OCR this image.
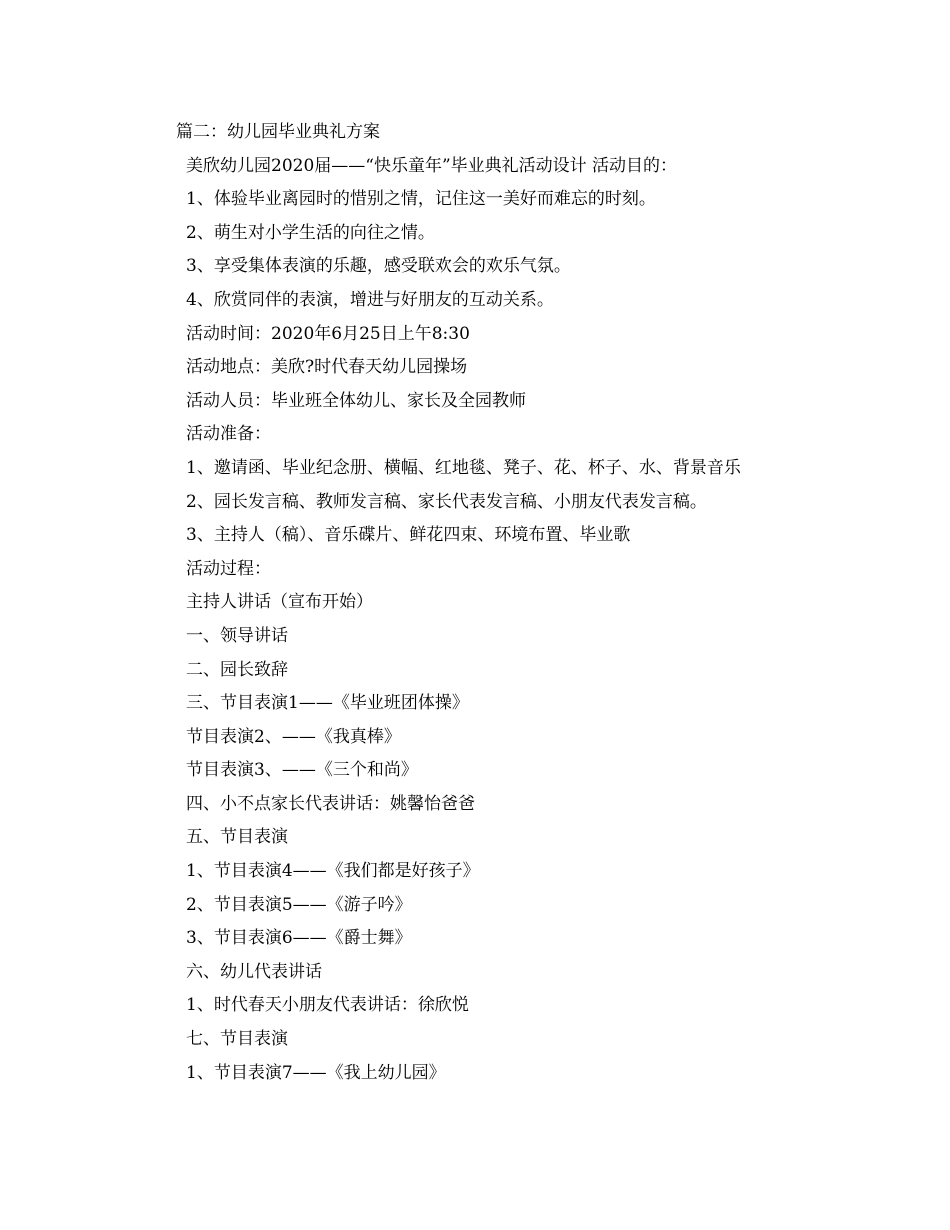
篇二：幼儿园毕业典礼方案
美欣幼儿园2020届——“快乐童年”毕业典礼活动设计 活动目的：
1、体验毕业离园时的惜别之情，记住这一美好而难忘的时刻。
2、萌生对小学生活的向往之情。
3、享受集体表演的乐趣，感受联欢会的欢乐气氛。
4、欣赏同伴的表演，增进与好朋友的互动关系。
活动时间：2020年6月25日上午8:30
活动地点：美欣?时代春天幼儿园操场
活动人员：毕业班全体幼儿、家长及全园教师
活动准备：
1、邀请函、毕业纪念册、横幅、红地毯、凳子、花、杯子、水、背景音乐
2、园长发言稿、教师发言稿、家长代表发言稿、小朋友代表发言稿。
3、主持人（稿）、音乐碟片、鲜花四束、环境布置、毕业歌
活动过程：
主持人讲话（宣布开始）
一、领导讲话
二、园长致辞
三、节目表演1——《毕业班团体操》
节目表演2、——《我真棒》
节目表演3、——《三个和尚》
四、小不点家长代表讲话：姚馨怡爸爸
五、节目表演
1、节目表演4——《我们都是好孩子》
2、节目表演5——《游子吟》
3、节目表演6——《爵士舞》
六、幼儿代表讲话
1、时代春天小朋友代表讲话：徐欣悦
七、节目表演
1、节目表演7——《我上幼儿园》
